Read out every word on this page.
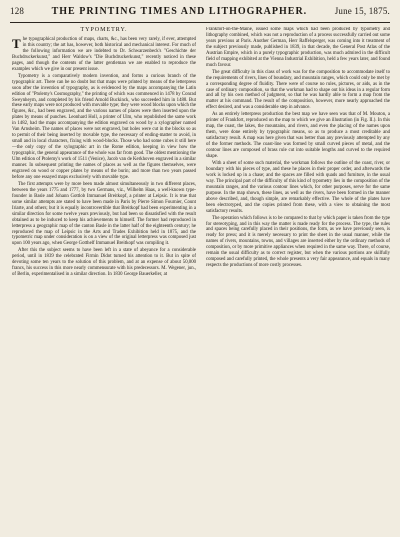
128	THE PRINTING TIMES AND LITHOGRAPHER.	June 15, 1875.
TYPOMETRY.

The typographical production of maps, charts, &c., has been very rarely, if ever, attempted in this country; the art has, however, both historical and mechanical interest. For much of the following information we are indebted to Dr. Schwarzenbeck's "Geschichte der Buchdruckerkunst," and Herr Waldow's "Die Buchdruckerkunst," recently noticed in these pages, and though the contents of the latter gentleman we are enabled to reproduce the examples which we give in our present issue.

Typometry is a comparatively modern invention, and forms a curious branch of the typographic art. There can be no doubt but that maps were printed by means of the letterpress soon after the invention of typography, as is evidenced by the maps accompanying the Latin edition of "Ptolemy's Cosmography," the printing of which was commenced in 1478 by Conrad Sweynheym, and completed by his friend Arnold Buckinck, who succeeded him in 1488. But these early maps were not produced with movable type; they were wood blocks upon which the figures, &c., had been engraved, and the various names of places were then inserted upon the plates by means of punches. Leonhard Holl, a printer of Ulm, who republished the same work in 1482, had the maps accompanying the edition engraved on wood by a xylographer named Van Arnsheim. The names of places were not engraved, but holes were cut in the blocks so as to permit of their being inserted by movable type, the necessary of ending-matter to avoid, in small and in local characters, fixing with wood-blocks. Those who had some cubes it still here—the only copy of the xylographic art in the Rome edition, keeping in view how the typographic, the general appearance of the whole was far from good. The oldest mentioning the Ulm edition of Ptolemy's work of 1511 (Venice), Jacob van de Kerkhoven engraved in a similar manner. In subsequent printing the names of places as well as the figures themselves, were engraved on wood or copper plates by means of the burin; and more than two years passed before any one essayed maps exclusively with movable type.

The first attempts were by more been made almost simultaneously in two different places, between the years 1775 and 1777, by two Germans, viz., Wilhelm Haas, a well-known type-founder in Basle and Johann Gottlob Immanuel Breitkopf, a printer at Leipsic. It is true that some similar attempts are stated to have been made in Paris by Pierre Simon Fournier, Count Iriarte, and others; but it is equally incontrovertible that Breitkopf had been experimenting in a similar direction for some twelve years previously, but had been so dissatisfied with the result obtained as to be induced to keep his achievements to himself. The former had reproduced in letterpress a geographic map of the canton Basle in the latter half of the eighteenth century; he reproduced the map of Leipsic in the Arts and Trades Exhibition held in 1875, and the typometric map under consideration is on a view of the original letterpress was composed just upon 100 years ago, when George Gotthelf Immanuel Breitkopf was compiling it.

After this the subject seems to have been left in a state of abeyance for a considerable period, until in 1839 the celebrated Firmin Didot turned his attention to it. But in spite of devoting some ten years to the solution of this problem, and at an expense of about 50,000 francs, his success in this more nearly commensurate with his predecessors. M. Wegener, jun., of Berlin, experimentalised in a similar direction. In 1830 George Bauerkeller, at

Frankfort-on-the-Maine, issued some maps which had been produced by typometry and lithography combined, which was not a reproduction of a process successfully carried out some years previous at Paris. Another German, Herr Raffelsperger, was coming into it treatment of the subject previously made, published in 1839, in that decade, the General Post Atlas of the Austrian Empire, which in a purely typographic production, was much admired in the difficult field of mapping exhibited at the Vienna Industrial Exhibition, held a few years later, and found much favour.

The great difficulty in this class of work was for the composition to accommodate itself to the requirements of rivers, lines of boundary, and mountain ranges, which could only be met by a corresponding degree of fluidity. There were of course no rules, pictures, or aids, as in the case of ordinary composition, so that the workman had to shape out his ideas in a regular form and all by his own method of judgment, so that he was hardly able to form a map from the matter at his command. The result of the composition, however, more nearly approached the effect desired, and was a considerable step in advance.

As an entirely letterpress production the best map we have seen was that of M. Mouton, a printer of Frankfort, reproduced on the map to which we give an illustration (in Fig. II.). In this map, the coast, the lakes, the mountains, and rivers, and even the placing of the names upon them, were done entirely by typographic means, so as to produce a most creditable and satisfactory result. A map was here given that was better than any previously attempted by any of the former methods. The coast-line was formed by small curved pieces of metal, and the contour lines are composed of brass rule cut into suitable lengths and curved to the required shape.

With a sheet of some such material, the workman follows the outline of the coast, river, or boundary with his pieces of type, and these he places in their proper order, and afterwards the work is locked up in a chase; and the spaces are filled with quads and furniture, in the usual way. The principal part of the difficulty of this kind of typometry lies in the composition of the mountain ranges, and the various contour lines which, for other purposes, serve for the same purpose. In the map shown, these lines, as well as the rivers, have been formed in the manner above described, and, though simple, are remarkably effective. The whole of the plates have been electrotyped, and the copies printed from these, with a view to obtaining the most satisfactory results.

The operation which follows is to be compared to that by which paper is taken from the type for stereotyping, and in this way the matter is made ready for the process. The type, the rules and spaces being carefully placed in their positions, the form, as we have previously seen, is ready for press; and it is merely necessary to print the sheet in the usual manner, while the names of rivers, mountains, towns, and villages are inserted either by the ordinary methods of composition, or by more primitive appliances when required in the same way. There, of course, remain the usual difficulty as to correct register, but when the various portions are skilfully composed and carefully printed, the whole presents a very fair appearance, and equals in many respects the productions of more costly processes.
